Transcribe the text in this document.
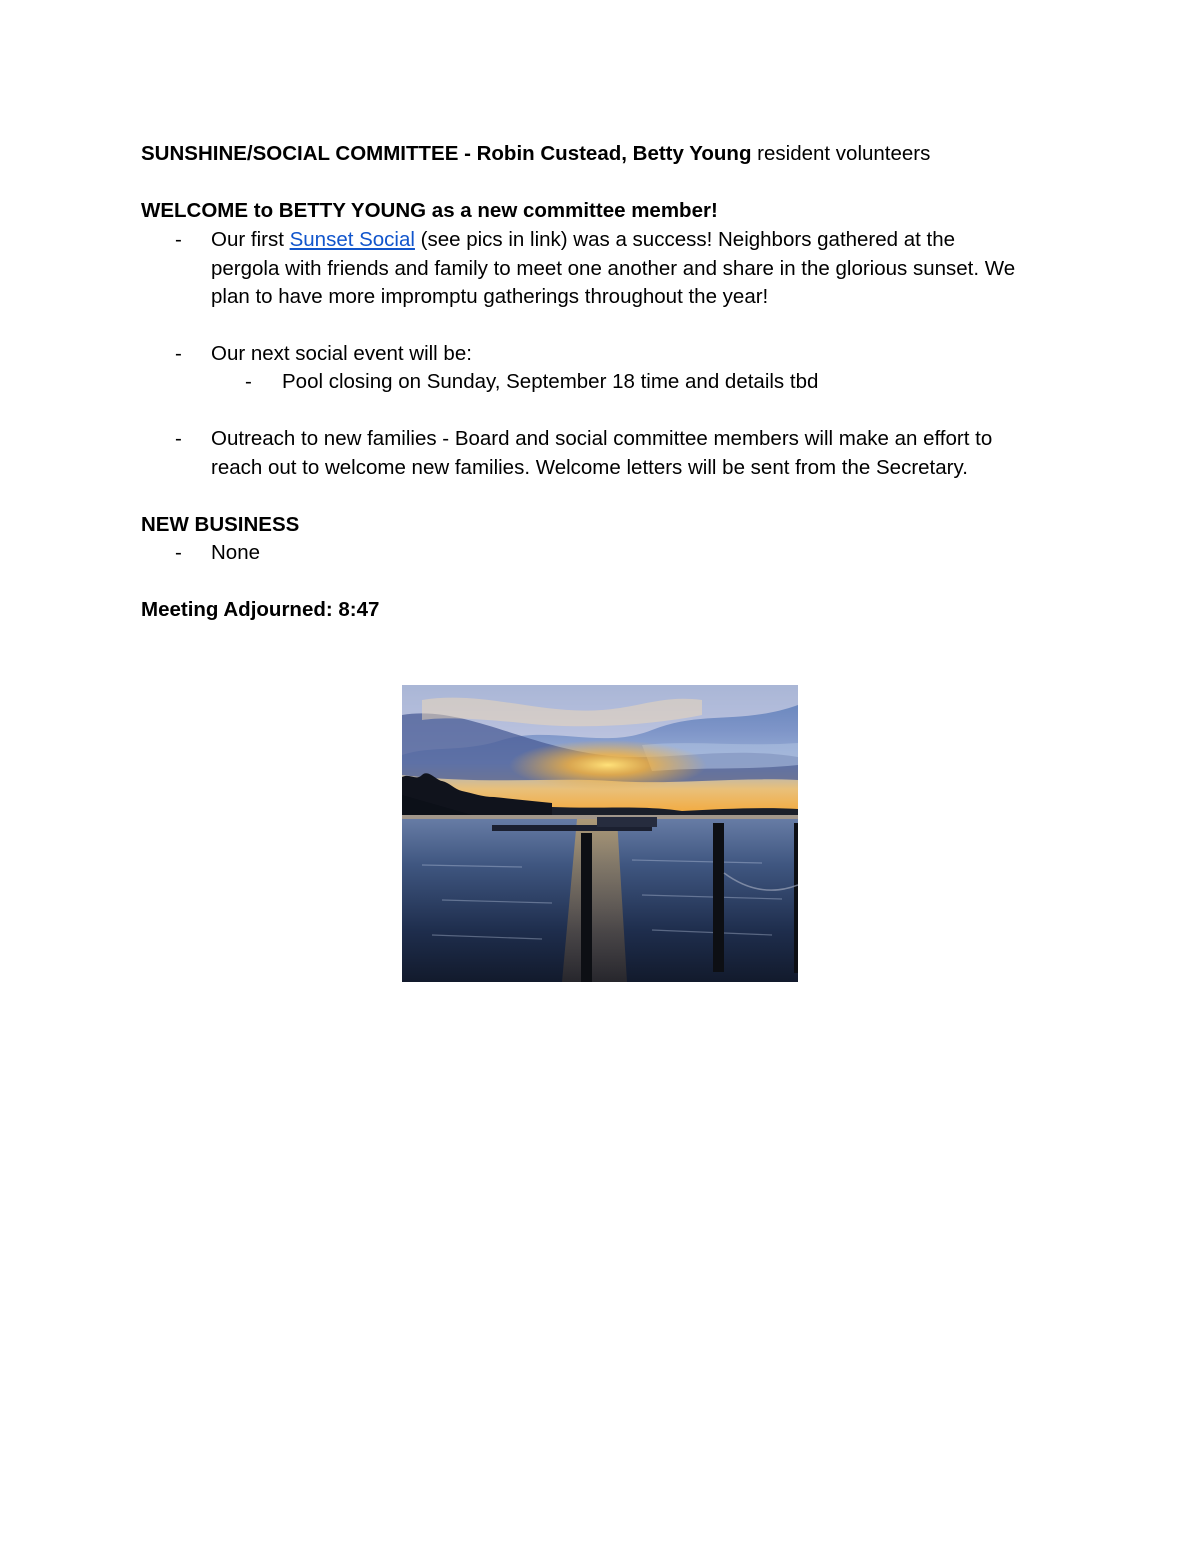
SUNSHINE/SOCIAL COMMITTEE - Robin Custead, Betty Young resident volunteers
WELCOME to BETTY YOUNG as a new committee member!
- Our first Sunset Social (see pics in link) was a success! Neighbors gathered at the
pergola with friends and family to meet one another and share in the glorious sunset. We
plan to have more impromptu gatherings throughout the year!
- Our next social event will be:
- Pool closing on Sunday, September 18 time and details tbd
- Outreach to new families - Board and social committee members will make an effort to
reach out to welcome new families. Welcome letters will be sent from the Secretary.
NEW BUSINESS
- None
Meeting Adjourned: 8:47
